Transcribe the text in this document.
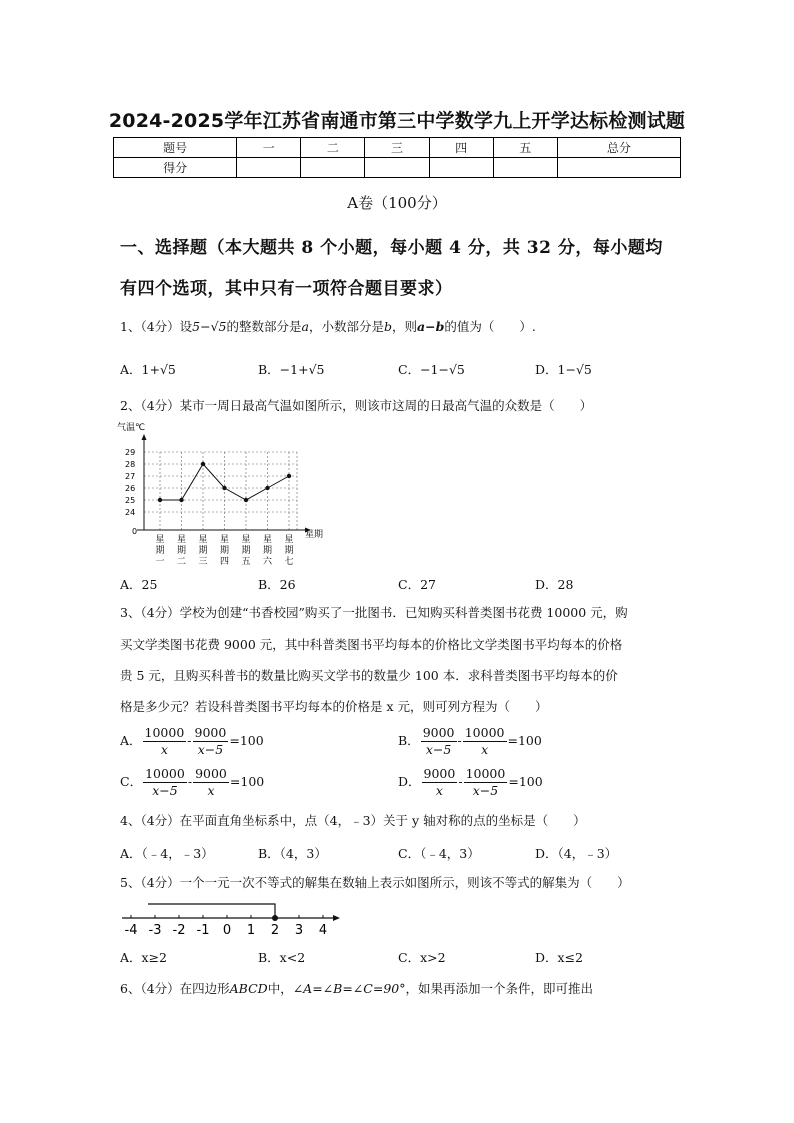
2024-2025学年江苏省南通市第三中学数学九上开学达标检测试题
题号	一	二	三	四	五	总分
得分						
A卷（100分）
一、选择题（本大题共 8 个小题，每小题 4 分，共 32 分，每小题均
有四个选项，其中只有一项符合题目要求）
1、（4分）设5−√5的整数部分是a，小数部分是b，则a−b的值为（　　）.
A．1+√5	B．−1+√5	C．−1−√5	D．1−√5
2、（4分）某市一周日最高气温如图所示，则该市这周的日最高气温的众数是（　　）
气温℃
星期
0
24
25
26
27
28
29
星
期
一
星
期
二
星
期
三
星
期
四
星
期
五
星
期
六
星
期
七
A．25	B．26	C．27	D．28
3、（4分）学校为创建“书香校园”购买了一批图书．已知购买科普类图书花费 10000 元，购
买文学类图书花费 9000 元，其中科普类图书平均每本的价格比文学类图书平均每本的价格
贵 5 元，且购买科普书的数量比购买文学书的数量少 100 本．求科普类图书平均每本的价
格是多少元？若设科普类图书平均每本的价格是 x 元，则可列方程为（　　）
A． $\frac{10000}{x} - \frac{9000}{x-5} =100$	B． $\frac{9000}{x-5} - \frac{10000}{x} =100$
C． $\frac{10000}{x-5} - \frac{9000}{x} =100$	D． $\frac{9000}{x} - \frac{10000}{x-5} =100$
4、（4分）在平面直角坐标系中，点（4，﹣3）关于 y 轴对称的点的坐标是（　　）
A．（﹣4，﹣3）	B．（4，3）	C．（﹣4，3）	D．（4，﹣3）
5、（4分）一个一元一次不等式的解集在数轴上表示如图所示，则该不等式的解集为（　　）
-4 -3 -2 -1 0 1 2 3 4
A．x≥2	B．x<2	C．x>2	D．x≤2
6、（4分）在四边形ABCD中，∠A=∠B=∠C=90°，如果再添加一个条件，即可推出
